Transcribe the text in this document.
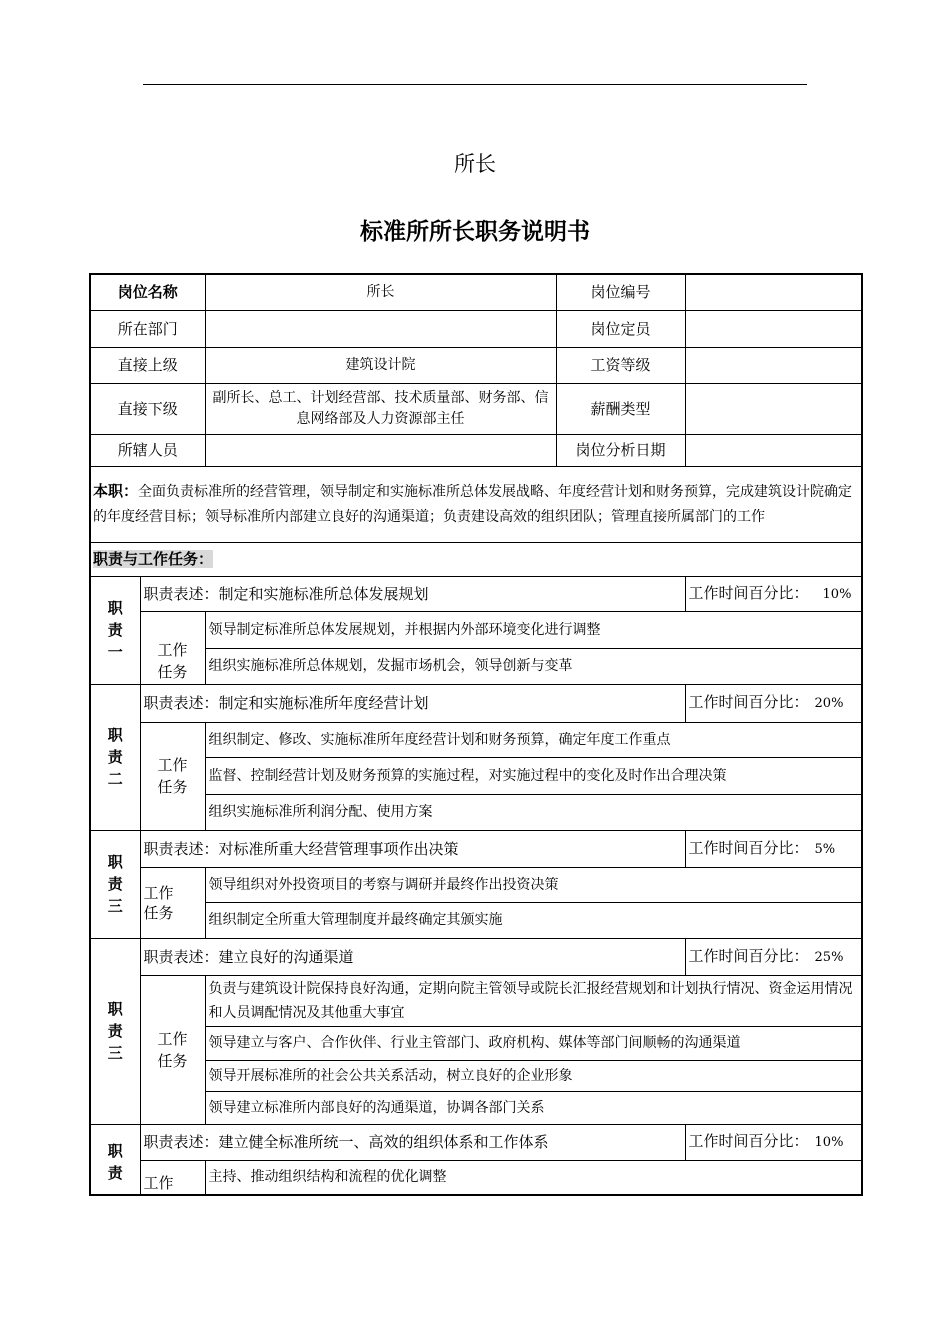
所长
标准所所长职务说明书
岗位名称		所长	岗位编号	
所在部门			岗位定员	
直接上级		建筑设计院	工资等级	
直接下级		副所长、总工、计划经营部、技术质量部、财务部、信息网络部及人力资源部主任	薪酬类型	
所辖人员			岗位分析日期	
本职：全面负责标准所的经营管理，领导制定和实施标准所总体发展战略、年度经营计划和财务预算，完成建筑设计院确定的年度经营目标；领导标准所内部建立良好的沟通渠道；负责建设高效的组织团队；管理直接所属部门的工作				
职责与工作任务：				

职
责
一	职责表述：制定和实施标准所总体发展规划			工作时间百分比： 10%

	工作
任务	领导制定标准所总体发展规划，并根据内外部环境变化进行调整		
		组织实施标准所总体规划，发掘市场机会，领导创新与变革		

职
责
二	职责表述：制定和实施标准所年度经营计划			工作时间百分比： 20%

	工作
任务	组织制定、修改、实施标准所年度经营计划和财务预算，确定年度工作重点		
		监督、控制经营计划及财务预算的实施过程，对实施过程中的变化及时作出合理决策		
		组织实施标准所利润分配、使用方案		

职
责
三	职责表述：对标准所重大经营管理事项作出决策			工作时间百分比： 5%

	工作
任务	领导组织对外投资项目的考察与调研并最终作出投资决策		
		组织制定全所重大管理制度并最终确定其颁实施		

职
责
三	职责表述：建立良好的沟通渠道			工作时间百分比： 25%

	工作
任务	负责与建筑设计院保持良好沟通，定期向院主管领导或院长汇报经营规划和计划执行情况、资金运用情况和人员调配情况及其他重大事宜		
		领导建立与客户、合作伙伴、行业主管部门、政府机构、媒体等部门间顺畅的沟通渠道		
		领导开展标准所的社会公共关系活动，树立良好的企业形象		
		领导建立标准所内部良好的沟通渠道，协调各部门关系		

职
责	职责表述：建立健全标准所统一、高效的组织体系和工作体系			工作时间百分比： 10%

	工作	主持、推动组织结构和流程的优化调整		
